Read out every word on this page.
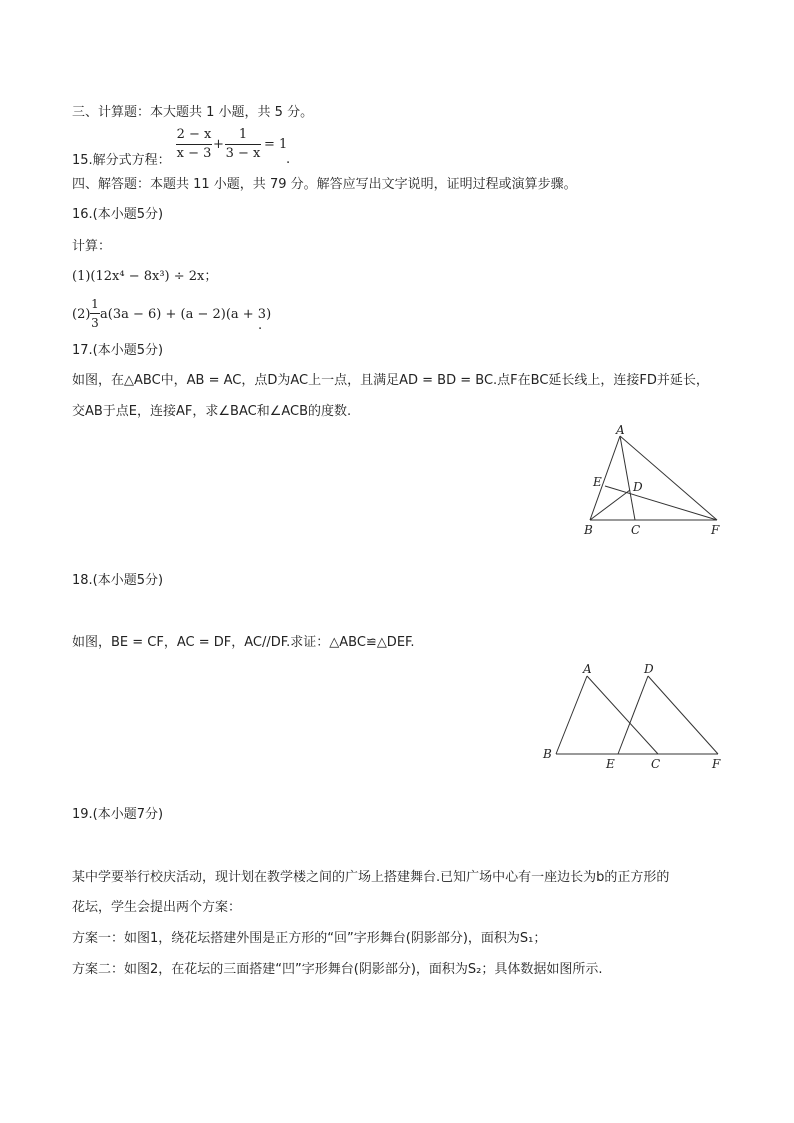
三、计算题：本大题共 1 小题，共 5 分。
15.解分式方程：
2 − x
x − 3
+
1
3 − x
= 1
.
四、解答题：本题共 11 小题，共 79 分。解答应写出文字说明，证明过程或演算步骤。
16.(本小题5分)
计算：
(1)(12x⁴ − 8x³) ÷ 2x；
(2)
1
3
a(3a − 6) + (a − 2)(a + 3)
.
17.(本小题5分)
如图，在△ABC中，AB = AC，点D为AC上一点，且满足AD = BD = BC.点F在BC延长线上，连接FD并延长，
交AB于点E，连接AF，求∠BAC和∠ACB的度数.
A
E	D
B	C	F
18.(本小题5分)
如图，BE = CF，AC = DF，AC//DF.求证：△ABC≌△DEF.
A	D
B
E	C	F
19.(本小题7分)
某中学要举行校庆活动，现计划在教学楼之间的广场上搭建舞台.已知广场中心有一座边长为b的正方形的
花坛，学生会提出两个方案：
方案一：如图1，绕花坛搭建外围是正方形的“回”字形舞台(阴影部分)，面积为S₁；
方案二：如图2，在花坛的三面搭建“凹”字形舞台(阴影部分)，面积为S₂；具体数据如图所示.
